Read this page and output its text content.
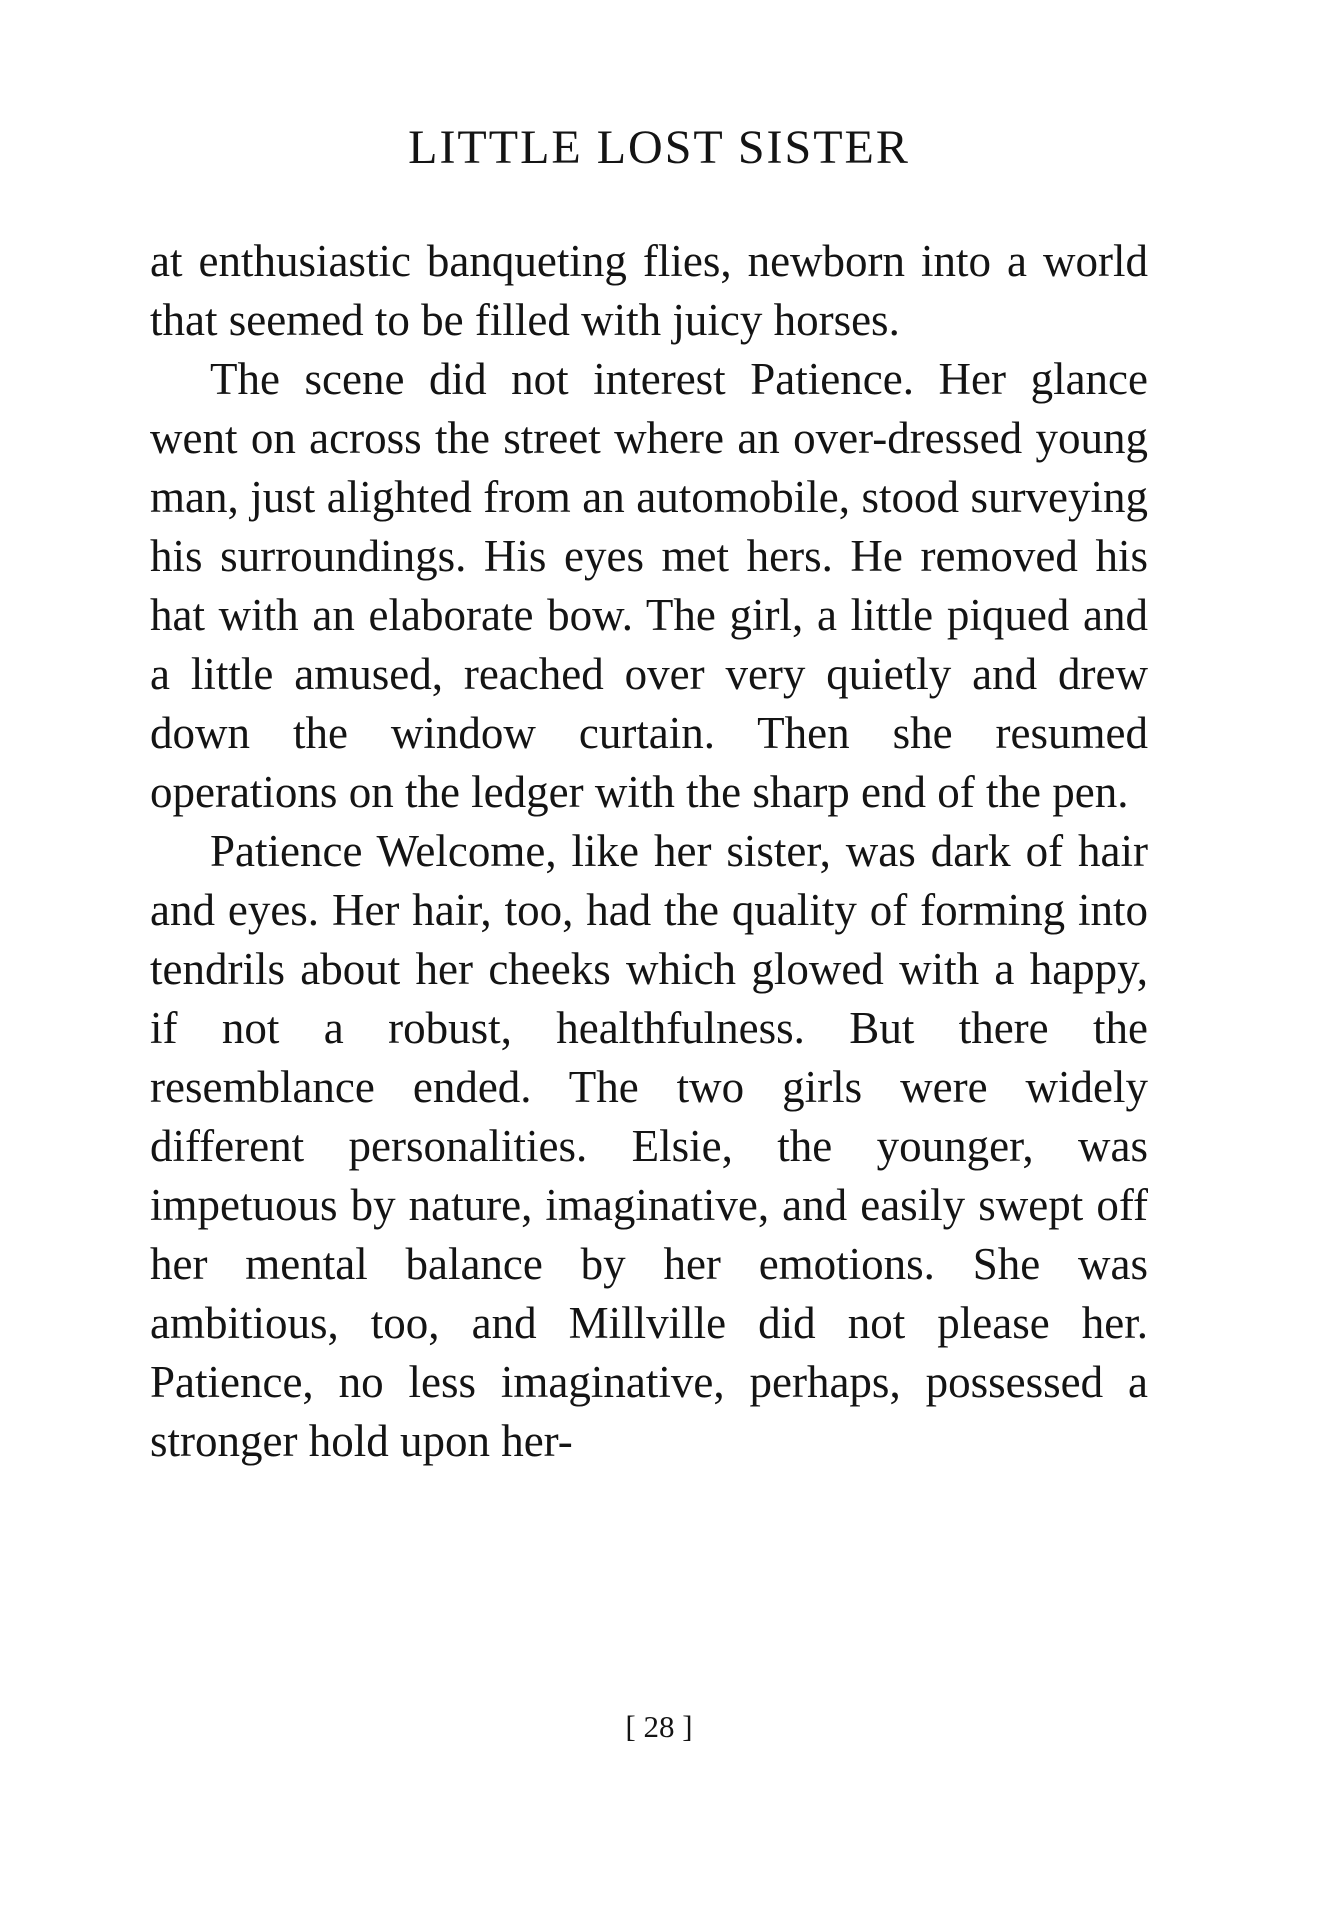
LITTLE LOST SISTER

at enthusiastic banqueting flies, newborn into a world that seemed to be filled with juicy horses.

The scene did not interest Patience. Her glance went on across the street where an over-dressed young man, just alighted from an automobile, stood surveying his surroundings. His eyes met hers. He removed his hat with an elaborate bow. The girl, a little piqued and a little amused, reached over very quietly and drew down the window curtain. Then she resumed operations on the ledger with the sharp end of the pen.

Patience Welcome, like her sister, was dark of hair and eyes. Her hair, too, had the quality of forming into tendrils about her cheeks which glowed with a happy, if not a robust, healthfulness. But there the resemblance ended. The two girls were widely different personalities. Elsie, the younger, was impetuous by nature, imaginative, and easily swept off her mental balance by her emotions. She was ambitious, too, and Millville did not please her. Patience, no less imaginative, perhaps, possessed a stronger hold upon her-

[ 28 ]
